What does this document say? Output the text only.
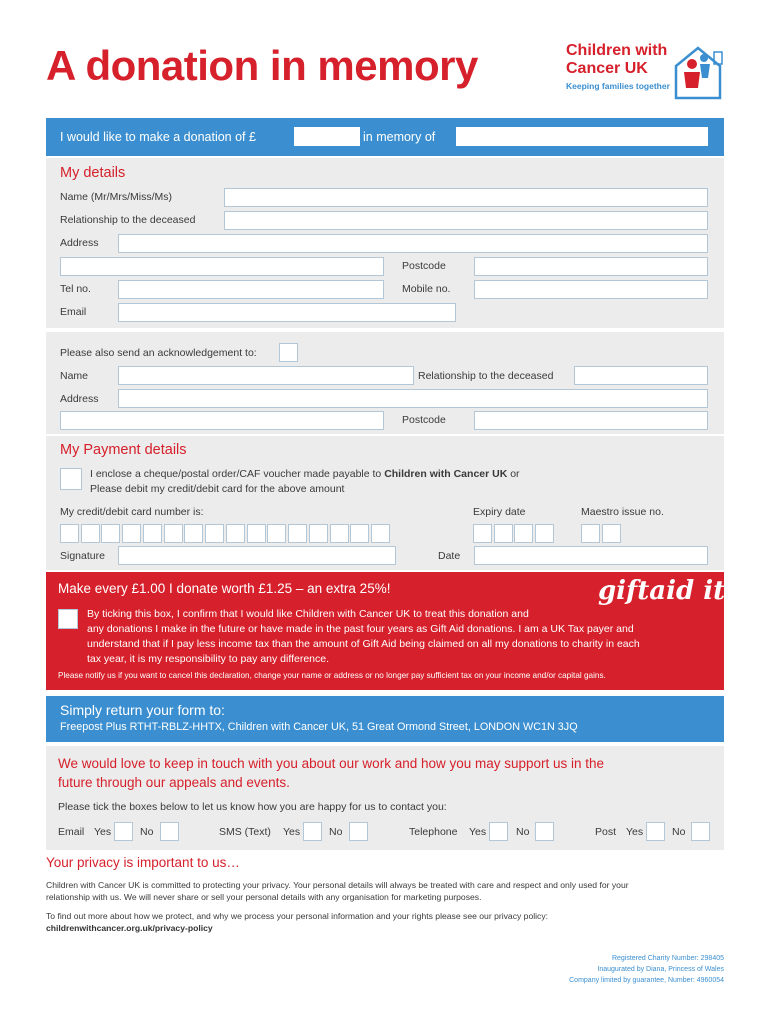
A donation in memory	Children with
Cancer UK
Keeping families together
I would like to make a donation of £	in memory of
My details
Name (Mr/Mrs/Miss/Ms)
Relationship to the deceased
Address
Postcode
Tel no.	Mobile no.
Email
Please also send an acknowledgement to:
Name	Relationship to the deceased
Address
Postcode
My Payment details
I enclose a cheque/postal order/CAF voucher made payable to Children with Cancer UK or
Please debit my credit/debit card for the above amount
My credit/debit card number is:	Expiry date	Maestro issue no.
Signature	Date
Make every £1.00 I donate worth £1.25 – an extra 25%!	giftaid it
By ticking this box, I confirm that I would like Children with Cancer UK to treat this donation and
any donations I make in the future or have made in the past four years as Gift Aid donations. I am a UK Tax payer and
understand that if I pay less income tax than the amount of Gift Aid being claimed on all my donations to charity in each
tax year, it is my responsibility to pay any difference.
Please notify us if you want to cancel this declaration, change your name or address or no longer pay sufficient tax on your income and/or capital gains.
Simply return your form to:
Freepost Plus RTHT-RBLZ-HHTX, Children with Cancer UK, 51 Great Ormond Street, LONDON WC1N 3JQ
We would love to keep in touch with you about our work and how you may support us in the
future through our appeals and events.
Please tick the boxes below to let us know how you are happy for us to contact you:
Email Yes	No	SMS (Text) Yes	No	Telephone Yes	No	Post Yes	No
Your privacy is important to us…
Children with Cancer UK is committed to protecting your privacy. Your personal details will always be treated with care and respect and only used for your
relationship with us. We will never share or sell your personal details with any organisation for marketing purposes.
To find out more about how we protect, and why we process your personal information and your rights please see our privacy policy:
childrenwithcancer.org.uk/privacy-policy
Registered Charity Number: 298405
Inaugurated by Diana, Princess of Wales
Company limited by guarantee, Number: 4960054
